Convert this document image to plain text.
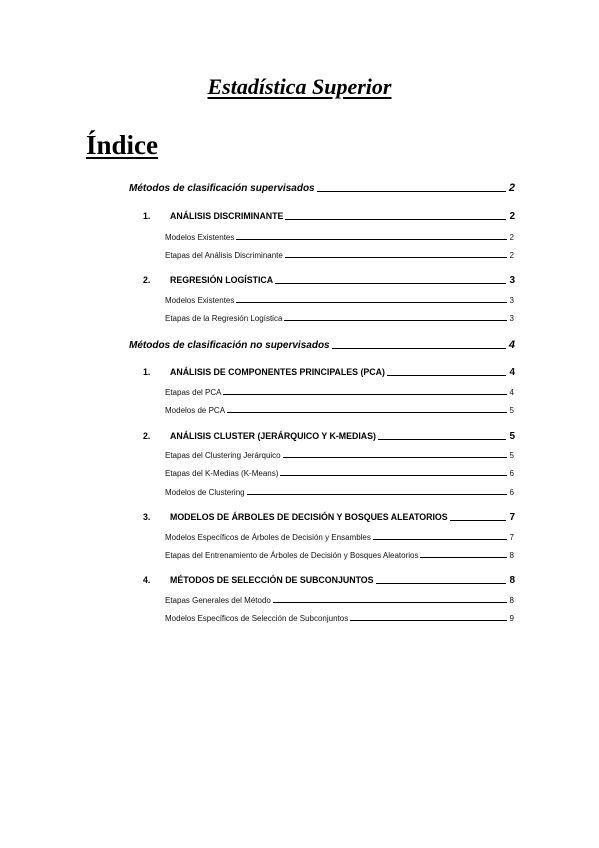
Estadística Superior
Índice
Métodos de clasificación supervisados	2
1. ANÁLISIS DISCRIMINANTE	2
Modelos Existentes	2
Etapas del Análisis Discriminante	2
2. REGRESIÓN LOGÍSTICA	3
Modelos Existentes	3
Etapas de la Regresión Logística	3
Métodos de clasificación no supervisados	4
1. ANÁLISIS DE COMPONENTES PRINCIPALES (PCA)	4
Etapas del PCA	4
Modelos de PCA	5
2. ANÁLISIS CLUSTER (JERÁRQUICO Y K-MEDIAS)	5
Etapas del Clustering Jerárquico	5
Etapas del K-Medias (K-Means)	6
Modelos de Clustering	6
3. MODELOS DE ÁRBOLES DE DECISIÓN Y BOSQUES ALEATORIOS	7
Modelos Específicos de Árboles de Decisión y Ensambles	7
Etapas del Entrenamiento de Árboles de Decisión y Bosques Aleatorios	8
4. MÉTODOS DE SELECCIÓN DE SUBCONJUNTOS	8
Etapas Generales del Método	8
Modelos Específicos de Selección de Subconjuntos	9
